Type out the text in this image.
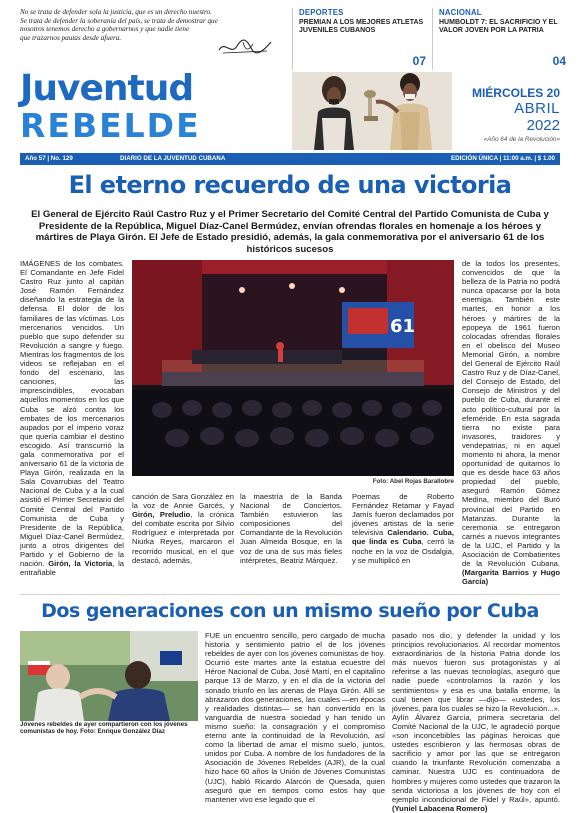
No se trata de defender sola la justicia, que es un derecho nuestro.

Se trata de defender la soberanía del país, se trata de demostrar que

nosotros tenemos derecho a gobernarnos y que nadie tiene

que trazarnos pautas desde afuera.

DEPORTES
PREMIAN A LOS MEJORES ATLETAS JUVENILES CUBANOS
07
NACIONAL
HUMBOLDT 7: EL SACRIFICIO Y EL VALOR JOVEN POR LA PATRIA
04
Juventud
REBELDE
MIÉRCOLES 20
ABRIL
2022
«Año 64 de la Revolución»
Año 57 | No. 129	DIARIO DE LA JUVENTUD CUBANA	EDICIÓN ÚNICA | 11:00 a.m. | $ 1.00
El eterno recuerdo de una victoria

El General de Ejército Raúl Castro Ruz y el Primer Secretario del Comité Central del Partido Comunista de Cuba y Presidente de la República, Miguel Díaz-Canel Bermúdez, envían ofrendas florales en homenaje a los héroes y mártires de Playa Girón. El Jefe de Estado presidió, además, la gala conmemorativa por el aniversario 61 de los históricos sucesos

IMÁGENES de los combates. El Comandante en Jefe Fidel Castro Ruz junto al capitán José Ramón Fernández diseñando la estrategia de la defensa. El dolor de los familiares de las víctimas. Los mercenarios vencidos. Un pueblo que supo defender su Revolución a sangre y fuego. Mientras los fragmentos de los videos se reflejaban en el fondo del escenario, las canciones, las imprescindibles, evocaban aquellos momentos en los que Cuba se alzó contra los embates de los mercenarios aupados por el imperio voraz que quería cambiar el destino escogido. Así transcurrió la gala conmemorativa por el aniversario 61 de la victoria de Playa Girón, realizada en la Sala Covarrubias del Teatro Nacional de Cuba y a la cual asistió el Primer Secretario del Comité Central del Partido Comunista de Cuba y Presidente de la República, Miguel Díaz-Canel Bermúdez, junto a otros dirigentes del Partido y el Gobierno de la nación. Girón, la Victoria, la entrañable
61
Foto: Abel Rojas Barallobre
canción de Sara González en la voz de Annie Garcés, y Girón, Preludio, la crónica del combate escrita por Silvio Rodríguez e interpretada por Niurka Reyes, marcaron el recorrido musical, en el que destacó, además,
la maestría de la Banda Nacional de Conciertos. También estuvieron las composiciones del Comandante de la Revolución Juan Almeida Bosque, en la voz de una de sus más fieles intérpretes, Beatriz Márquez.
Poemas de Roberto Fernández Retamar y Fayad Jamís fueron declamados por jóvenes artistas de la serie televisiva Calendario. Cuba, que linda es Cuba, cerró la noche en la voz de Osdalgia, y se multiplicó en
de la todos los presentes, convencidos de que la belleza de la Patria no podrá nunca opacarse por la bota enemiga. También este martes, en honor a los héroes y mártires de la epopeya de 1961 fueron colocadas ofrendas florales en el obelisco del Museo Memorial Girón, a nombre del General de Ejército Raúl Castro Ruz y de Díaz-Canel, del Consejo de Estado, del Consejo de Ministros y del pueblo de Cuba, durante el acto político-cultural por la efeméride. En esta sagrada tierra no existe para invasores, traidores y vendepatrias, ni en aquel momento ni ahora, la menor oportunidad de quitarnos lo que es desde hace 63 años propiedad del pueblo, aseguró Ramón Gómez Medina, miembro del Buró provincial del Partido en Matanzas. Durante la ceremonia se entregaron carnés a nuevos integrantes de la UJC, el Partido y la Asociación de Combatientes de la Revolución Cubana. (Margarita Barrios y Hugo García)
Dos generaciones con un mismo sueño por Cuba
Jóvenes rebeldes de ayer compartieron con los jóvenes comunistas de hoy. Foto: Enrique González Díaz
FUE un encuentro sencillo, pero cargado de mucha historia y sentimiento patrio el de los jóvenes rebeldes de ayer con los jóvenes comunistas de hoy. Ocurrió este martes ante la estatua ecuestre del Héroe Nacional de Cuba, José Martí, en el capitalino parque 13 de Marzo, y en el día de la victoria del sonado triunfo en las arenas de Playa Girón. Allí se abrazaron dos generaciones, las cuales —en épocas y realidades distintas— se han convertido en la vanguardia de nuestra sociedad y han tenido un mismo sueño: la consagración y el compromiso eterno ante la continuidad de la Revolución, así como la libertad de amar el mismo suelo, juntos, unidos por Cuba. A nombre de los fundadores de la Asociación de Jóvenes Rebeldes (AJR), de la cual hizo hace 60 años la Unión de Jóvenes Comunistas (UJC), habló Ricardo Alarcón de Quesada, quien aseguró que en tiempos como estos hay que mantener vivo ese legado que el
pasado nos dio, y defender la unidad y los principios revolucionarios. Al recordar momentos extraordinarios de la historia Patria donde los más nuevos fueron sus protagonistas y al referirse a las nuevas tecnologías, aseguró que nadie puede «controlarnos la razón y los sentimientos» y esa es una batalla enorme, la cual tienen que librar —dijo— «ustedes, los jóvenes, para los cuales se hizo la Revolución...». Aylín Álvarez García, primera secretaria del Comité Nacional de la UJC, le agradeció porque «son inconcebibles las páginas heroicas que ustedes escribieron y las hermosas obras de sacrificio y amor por las que se entregaron cuando la triunfante Revolución comenzaba a caminar. Nuestra UJC es continuadora de hombres y mujeres como ustedes que trazaron la senda victoriosa a los jóvenes de hoy con el ejemplo incondicional de Fidel y Raúl», apuntó. (Yuniel Labacena Romero)
